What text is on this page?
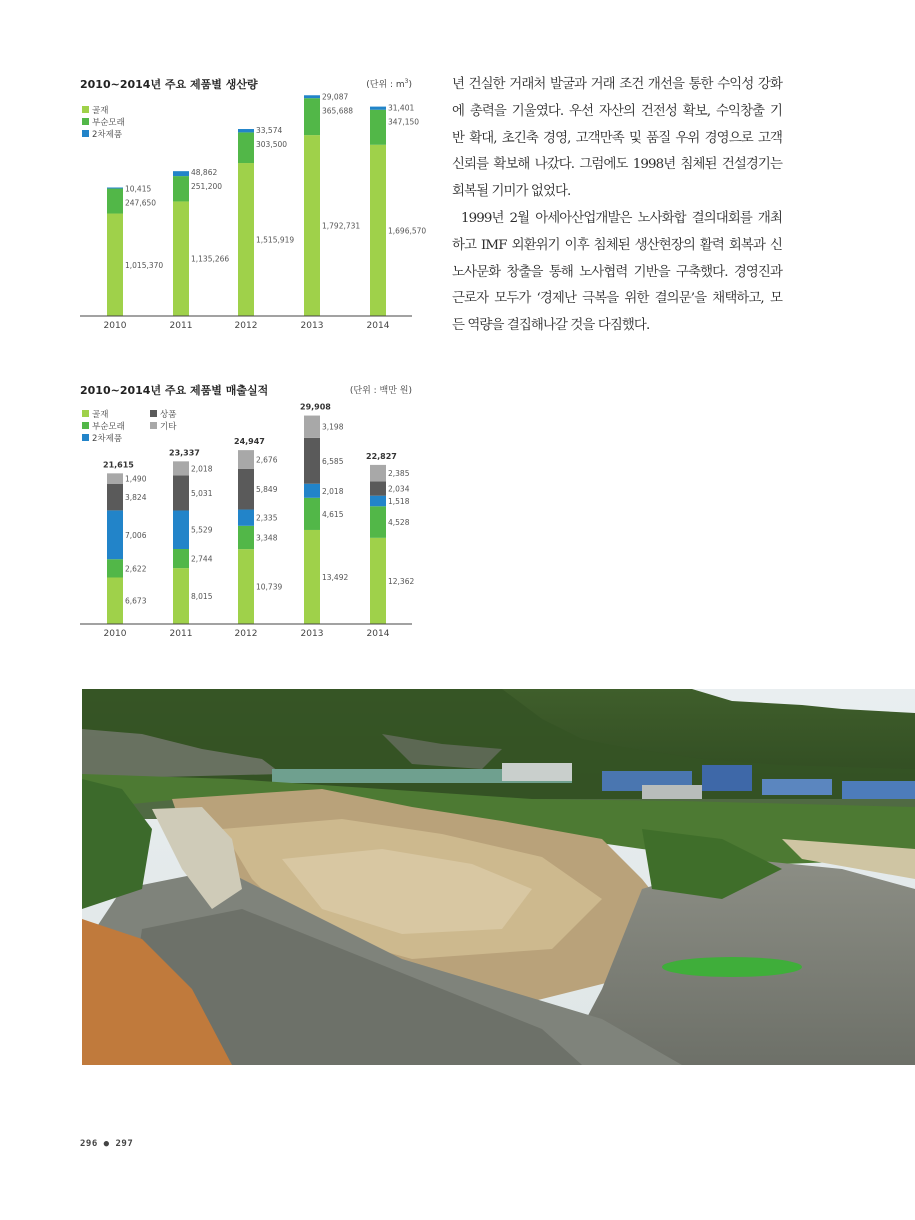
2010~2014년 주요 제품별 생산량	(단위 : $m^3$)
골재
부순모래
2차제품
1,015,370
247,650
10,415
1,135,266
251,200
48,862
1,515,919
303,500
33,574
1,792,731
365,688
29,087
1,696,570
347,150
31,401
2010	2011	2012	2013	2014
2010~2014년 주요 제품별 매출실적	(단위 : 백만 원)
골재
부순모래
2차제품
상품
기타
6,673
2,622
7,006
3,824
1,490
21,615
8,015
2,744
5,529
5,031
2,018
23,337
10,739
3,348
2,335
5,849
2,676
24,947
13,492
4,615
2,018
6,585
3,198
29,908
12,362
4,528
1,518
2,034
2,385
22,827
2010	2011	2012	2013	2014
년 건실한 거래처 발굴과 거래 조건 개선을 통한 수익성 강화
에 총력을 기울였다. 우선 자산의 건전성 확보, 수익창출 기
반 확대, 초긴축 경영, 고객만족 및 품질 우위 경영으로 고객
신뢰를 확보해 나갔다. 그럼에도 1998년 침체된 건설경기는
회복될 기미가 없었다.
1999년 2월 아세아산업개발은 노사화합 결의대회를 개최
하고 IMF 외환위기 이후 침체된 생산현장의 활력 회복과 신
노사문화 창출을 통해 노사협력 기반을 구축했다. 경영진과
근로자 모두가 ‘경제난 극복을 위한 결의문’을 채택하고, 모
든 역량을 결집해나갈 것을 다짐했다.
296 ● 297
